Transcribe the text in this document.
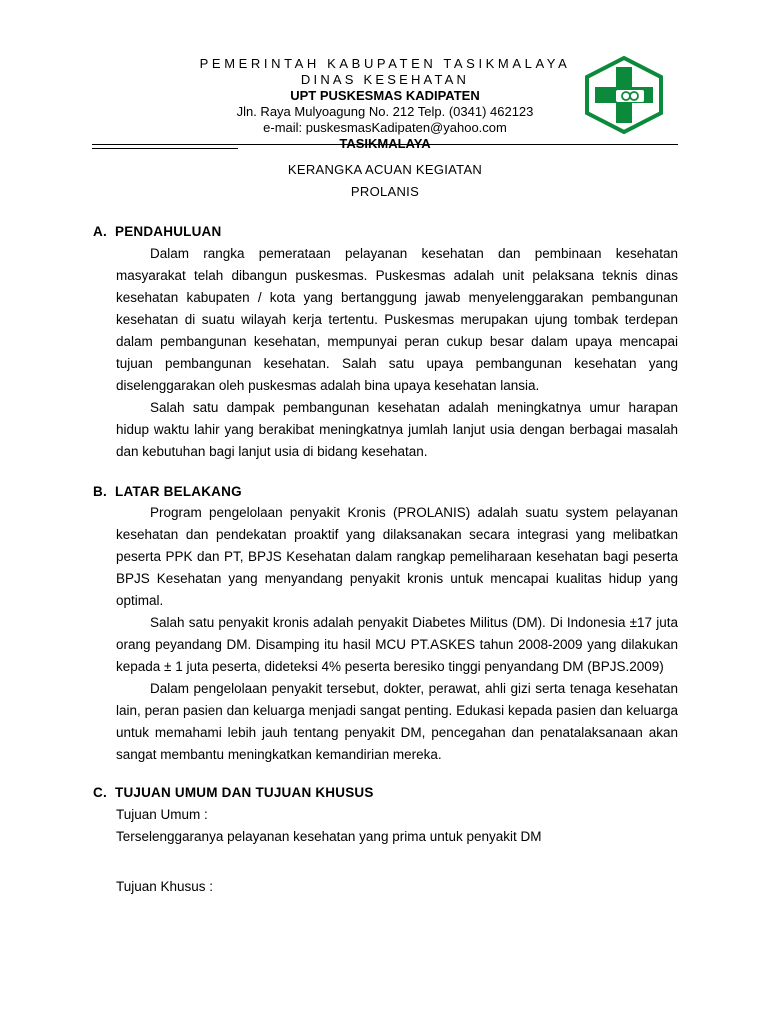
PEMERINTAH KABUPATEN TASIKMALAYA
DINAS KESEHATAN
UPT PUSKESMAS KADIPATEN
Jln. Raya Mulyoagung No. 212 Telp. (0341) 462123
e-mail: puskesmasKadipaten@yahoo.com
TASIKMALAYA
KERANGKA ACUAN KEGIATAN
PROLANIS
A. PENDAHULUAN

Dalam rangka pemerataan pelayanan kesehatan dan pembinaan kesehatan masyarakat telah dibangun puskesmas. Puskesmas adalah unit pelaksana teknis dinas kesehatan kabupaten / kota yang bertanggung jawab menyelenggarakan pembangunan kesehatan di suatu wilayah kerja tertentu. Puskesmas merupakan ujung tombak terdepan dalam pembangunan kesehatan, mempunyai peran cukup besar dalam upaya mencapai tujuan pembangunan kesehatan. Salah satu upaya pembangunan kesehatan yang diselenggarakan oleh puskesmas adalah bina upaya kesehatan lansia.

Salah satu dampak pembangunan kesehatan adalah meningkatnya umur harapan hidup waktu lahir yang berakibat meningkatnya jumlah lanjut usia dengan berbagai masalah dan kebutuhan bagi lanjut usia di bidang kesehatan.

B. LATAR BELAKANG

Program pengelolaan penyakit Kronis (PROLANIS) adalah suatu system pelayanan kesehatan dan pendekatan proaktif yang dilaksanakan secara integrasi yang melibatkan peserta PPK dan PT, BPJS Kesehatan dalam rangkap pemeliharaan kesehatan bagi peserta BPJS Kesehatan yang menyandang penyakit kronis untuk mencapai kualitas hidup yang optimal.

Salah satu penyakit kronis adalah penyakit Diabetes Militus (DM). Di Indonesia ±17 juta orang peyandang DM. Disamping itu hasil MCU PT.ASKES tahun 2008-2009 yang dilakukan kepada ± 1 juta peserta, dideteksi 4% peserta beresiko tinggi penyandang DM (BPJS.2009)

Dalam pengelolaan penyakit tersebut, dokter, perawat, ahli gizi serta tenaga kesehatan lain, peran pasien dan keluarga menjadi sangat penting. Edukasi kepada pasien dan keluarga untuk memahami lebih jauh tentang penyakit DM, pencegahan dan penatalaksanaan akan sangat membantu meningkatkan kemandirian mereka.

C. TUJUAN UMUM DAN TUJUAN KHUSUS
Tujuan Umum :
Terselenggaranya pelayanan kesehatan yang prima untuk penyakit DM
Tujuan Khusus :
